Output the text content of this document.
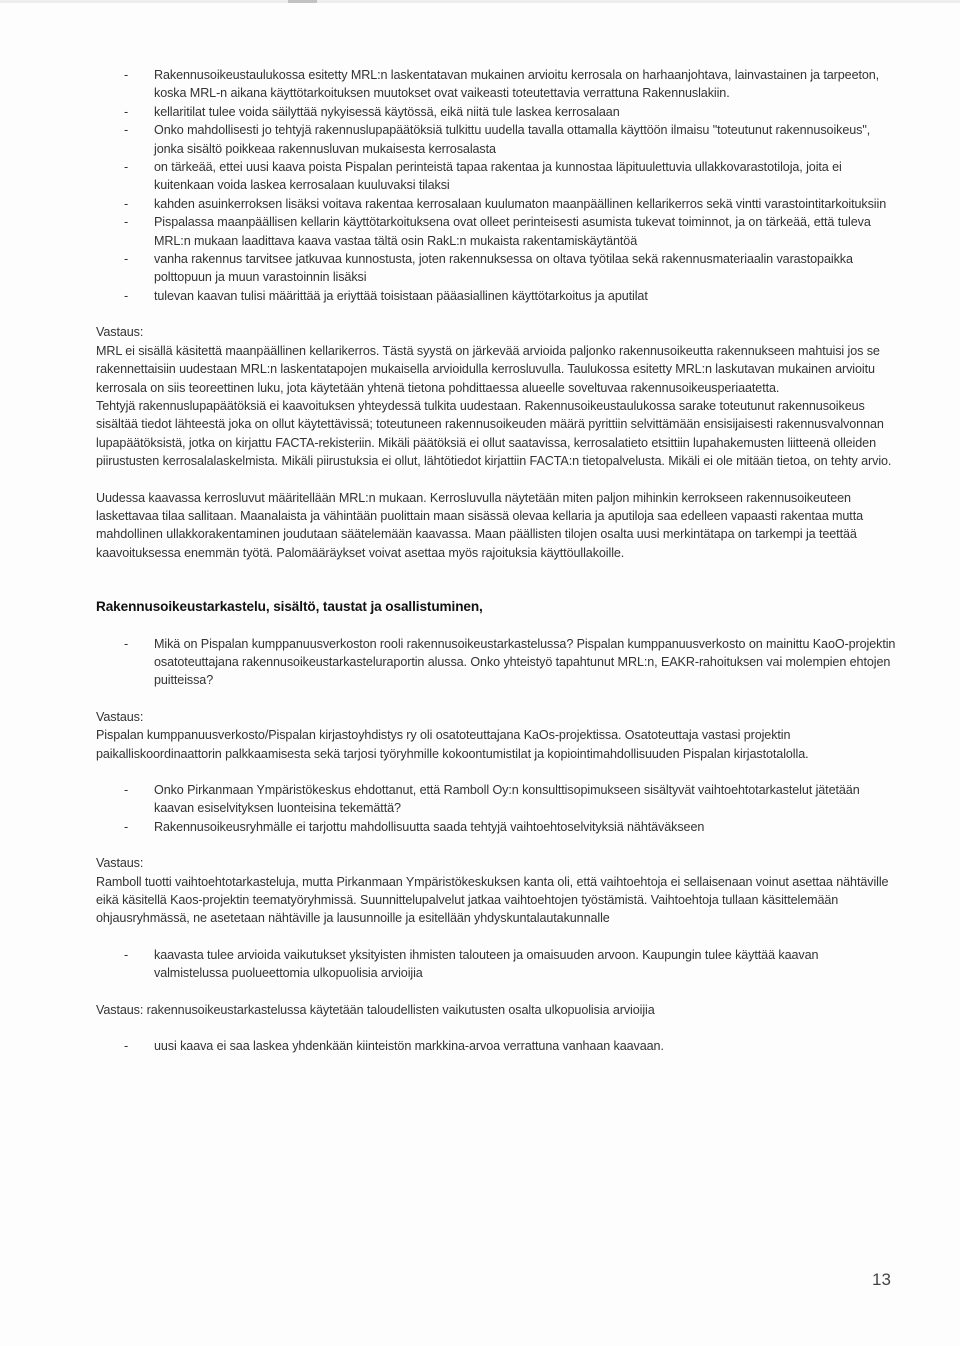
- Rakennusoikeustaulukossa esitetty MRL:n laskentatavan mukainen arvioitu kerrosala on harhaanjohtava, lainvastainen ja tarpeeton, koska MRL-n aikana käyttötarkoituksen muutokset ovat vaikeasti toteutettavia verrattuna Rakennuslakiin.
- kellaritilat tulee voida säilyttää nykyisessä käytössä, eikä niitä tule laskea kerrosalaan
- Onko mahdollisesti jo tehtyjä rakennuslupapäätöksiä tulkittu uudella tavalla ottamalla käyttöön ilmaisu "toteutunut rakennusoikeus", jonka sisältö poikkeaa rakennusluvan mukaisesta kerrosalasta
- on tärkeää, ettei uusi kaava poista Pispalan perinteistä tapaa rakentaa ja kunnostaa läpituulettuvia ullakkovarastotiloja, joita ei kuitenkaan voida laskea kerrosalaan kuuluvaksi tilaksi
- kahden asuinkerroksen lisäksi voitava rakentaa kerrosalaan kuulumaton maanpäällinen kellarikerros sekä vintti varastointitarkoituksiin
- Pispalassa maanpäällisen kellarin käyttötarkoituksena ovat olleet perinteisesti asumista tukevat toiminnot, ja on tärkeää, että tuleva MRL:n mukaan laadittava kaava vastaa tältä osin RakL:n mukaista rakentamiskäytäntöä
- vanha rakennus tarvitsee jatkuvaa kunnostusta, joten rakennuksessa on oltava työtilaa sekä rakennusmateriaalin varastopaikka polttopuun ja muun varastoinnin lisäksi
- tulevan kaavan tulisi määrittää ja eriyttää toisistaan pääasiallinen käyttötarkoitus ja aputilat

Vastaus:

MRL ei sisällä käsitettä maanpäällinen kellarikerros. Tästä syystä on järkevää arvioida paljonko rakennusoikeutta rakennukseen mahtuisi jos se rakennettaisiin uudestaan MRL:n laskentatapojen mukaisella arvioidulla kerrosluvulla. Taulukossa esitetty MRL:n laskutavan mukainen arvioitu kerrosala on siis teoreettinen luku, jota käytetään yhtenä tietona pohdittaessa alueelle soveltuvaa rakennusoikeusperiaatetta.

Tehtyjä rakennuslupapäätöksiä ei kaavoituksen yhteydessä tulkita uudestaan. Rakennusoikeustaulukossa sarake toteutunut rakennusoikeus sisältää tiedot lähteestä joka on ollut käytettävissä; toteutuneen rakennusoikeuden määrä pyrittiin selvittämään ensisijaisesti rakennusvalvonnan lupapäätöksistä, jotka on kirjattu FACTA-rekisteriin. Mikäli päätöksiä ei ollut saatavissa, kerrosalatieto etsittiin lupahakemusten liitteenä olleiden piirustusten kerrosalalaskelmista. Mikäli piirustuksia ei ollut, lähtötiedot kirjattiin FACTA:n tietopalvelusta. Mikäli ei ole mitään tietoa, on tehty arvio.

Uudessa kaavassa kerrosluvut määritellään MRL:n mukaan. Kerrosluvulla näytetään miten paljon mihinkin kerrokseen rakennusoikeuteen laskettavaa tilaa sallitaan. Maanalaista ja vähintään puolittain maan sisässä olevaa kellaria ja aputiloja saa edelleen vapaasti rakentaa mutta mahdollinen ullakkorakentaminen joudutaan säätelemään kaavassa. Maan päällisten tilojen osalta uusi merkintätapa on tarkempi ja teettää kaavoituksessa enemmän työtä. Palomääräykset voivat asettaa myös rajoituksia käyttöullakoille.

Rakennusoikeustarkastelu, sisältö, taustat ja osallistuminen,

- Mikä on Pispalan kumppanuusverkoston rooli rakennusoikeustarkastelussa? Pispalan kumppanuusverkosto on mainittu KaoO-projektin osatoteuttajana rakennusoikeustarkasteluraportin alussa. Onko yhteistyö tapahtunut MRL:n, EAKR-rahoituksen vai molempien ehtojen puitteissa?

Vastaus:

Pispalan kumppanuusverkosto/Pispalan kirjastoyhdistys ry oli osatoteuttajana KaOs-projektissa. Osatoteuttaja vastasi projektin paikalliskoordinaattorin palkkaamisesta sekä tarjosi työryhmille kokoontumistilat ja kopiointimahdollisuuden Pispalan kirjastotalolla.

- Onko Pirkanmaan Ympäristökeskus ehdottanut, että Ramboll Oy:n konsulttisopimukseen sisältyvät vaihtoehtotarkastelut jätetään kaavan esiselvityksen luonteisina tekemättä?
- Rakennusoikeusryhmälle ei tarjottu mahdollisuutta saada tehtyjä vaihtoehtoselvityksiä nähtäväkseen

Vastaus:

Ramboll tuotti vaihtoehtotarkasteluja, mutta Pirkanmaan Ympäristökeskuksen kanta oli, että vaihtoehtoja ei sellaisenaan voinut asettaa nähtäville eikä käsitellä Kaos-projektin teematyöryhmissä. Suunnittelupalvelut jatkaa vaihtoehtojen työstämistä. Vaihtoehtoja tullaan käsittelemään ohjausryhmässä, ne asetetaan nähtäville ja lausunnoille ja esitellään yhdyskuntalautakunnalle

- kaavasta tulee arvioida vaikutukset yksityisten ihmisten talouteen ja omaisuuden arvoon. Kaupungin tulee käyttää kaavan valmistelussa puolueettomia ulkopuolisia arvioijia

Vastaus: rakennusoikeustarkastelussa käytetään taloudellisten vaikutusten osalta ulkopuolisia arvioijia

- uusi kaava ei saa laskea yhdenkään kiinteistön markkina-arvoa verrattuna vanhaan kaavaan.
13
